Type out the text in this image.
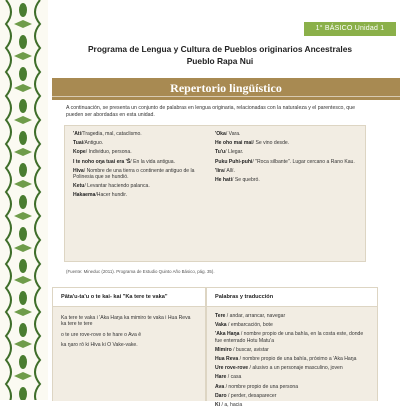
1° BÁSICO Unidad 1
Programa de Lengua y Cultura de Pueblos originarios Ancestrales
Pueblo Rapa Nui
Repertorio lingüístico
A continuación, se presenta un conjunto de palabras en lengua originaria, relacionadas con la naturaleza y el parentesco, que pueden ser abordadas en esta unidad.
'Ati/Tragedia, mal, cataclismo.
Tuai/Antiguo.
Kope/ Individuo, persona.
I te noho oŋa tuai era 'Ŝ/ En la vida antigua.
Hiva/ Nombre de una tierra o continente antiguo de la Polinesia que se hundió.
Ketu/ Levantar haciendo palanca.
Hakaema/Hacer hundir.
'Oka/ Vara.
He oho mai mai/ Se vino desde.
Tu'u/ Llegar.
Puku Puhi-puhi/ "Roca silbante". Lugar cercano a Rano Kau.
'Iira/ Allí.
He hati/ Se quebró.
(Fuente: Mineduc (2011). Programa de Estudio Quinto Año Básico, pág. 35).
Pāta'u-ta'u o te kai- kai "Ka tere te vaka"

Ka tere te vaka i 'Aka Haŋa ka mimiro te vaka i Hua Reva ka tere te tere

o te ure rove-rove o te hare o Ava ē

ka ŋaro rō ki Hiva ki O Vake-vake.

Palabras y traducción
Tere / andar, arrancar, navegar
Vaka / embarcación, bote
'Aka Haŋa / nombre propio de una bahía, en la costa este, donde fue enterrado Hotu Matu'a
Mimiro / buscar, avistar
Hua Reva / nombre propio de una bahía, próximo a 'Aka Haŋa
Ure rove-rove / alusivo a un personaje masculino, joven
Hare / casa
Ava / nombre propio de una persona
Ŋaro / perder, desaparecer
Ki / a, hacia
